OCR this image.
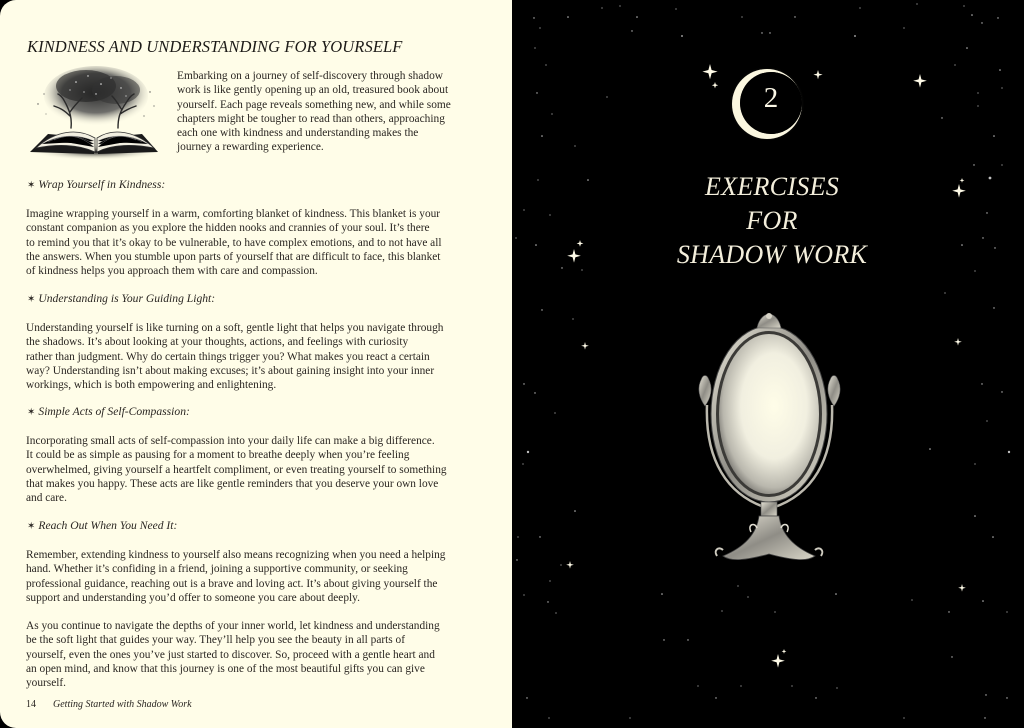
KINDNESS AND UNDERSTANDING FOR YOURSELF
Embarking on a journey of self-discovery through shadow
work is like gently opening up an old, treasured book about
yourself. Each page reveals something new, and while some
chapters might be tougher to read than others, approaching
each one with kindness and understanding makes the
journey a rewarding experience.
✶ Wrap Yourself in Kindness:
Imagine wrapping yourself in a warm, comforting blanket of kindness. This blanket is your
constant companion as you explore the hidden nooks and crannies of your soul. It’s there
to remind you that it’s okay to be vulnerable, to have complex emotions, and to not have all
the answers. When you stumble upon parts of yourself that are difficult to face, this blanket
of kindness helps you approach them with care and compassion.
✶ Understanding is Your Guiding Light:
Understanding yourself is like turning on a soft, gentle light that helps you navigate through
the shadows. It’s about looking at your thoughts, actions, and feelings with curiosity
rather than judgment. Why do certain things trigger you? What makes you react a certain
way? Understanding isn’t about making excuses; it’s about gaining insight into your inner
workings, which is both empowering and enlightening.
✶ Simple Acts of Self-Compassion:
Incorporating small acts of self-compassion into your daily life can make a big difference.
It could be as simple as pausing for a moment to breathe deeply when you’re feeling
overwhelmed, giving yourself a heartfelt compliment, or even treating yourself to something
that makes you happy. These acts are like gentle reminders that you deserve your own love
and care.
✶ Reach Out When You Need It:
Remember, extending kindness to yourself also means recognizing when you need a helping
hand. Whether it’s confiding in a friend, joining a supportive community, or seeking
professional guidance, reaching out is a brave and loving act. It’s about giving yourself the
support and understanding you’d offer to someone you care about deeply.
As you continue to navigate the depths of your inner world, let kindness and understanding
be the soft light that guides your way. They’ll help you see the beauty in all parts of
yourself, even the ones you’ve just started to discover. So, proceed with a gentle heart and
an open mind, and know that this journey is one of the most beautiful gifts you can give
yourself.
14 Getting Started with Shadow Work
2
EXERCISES
FOR
SHADOW WORK
